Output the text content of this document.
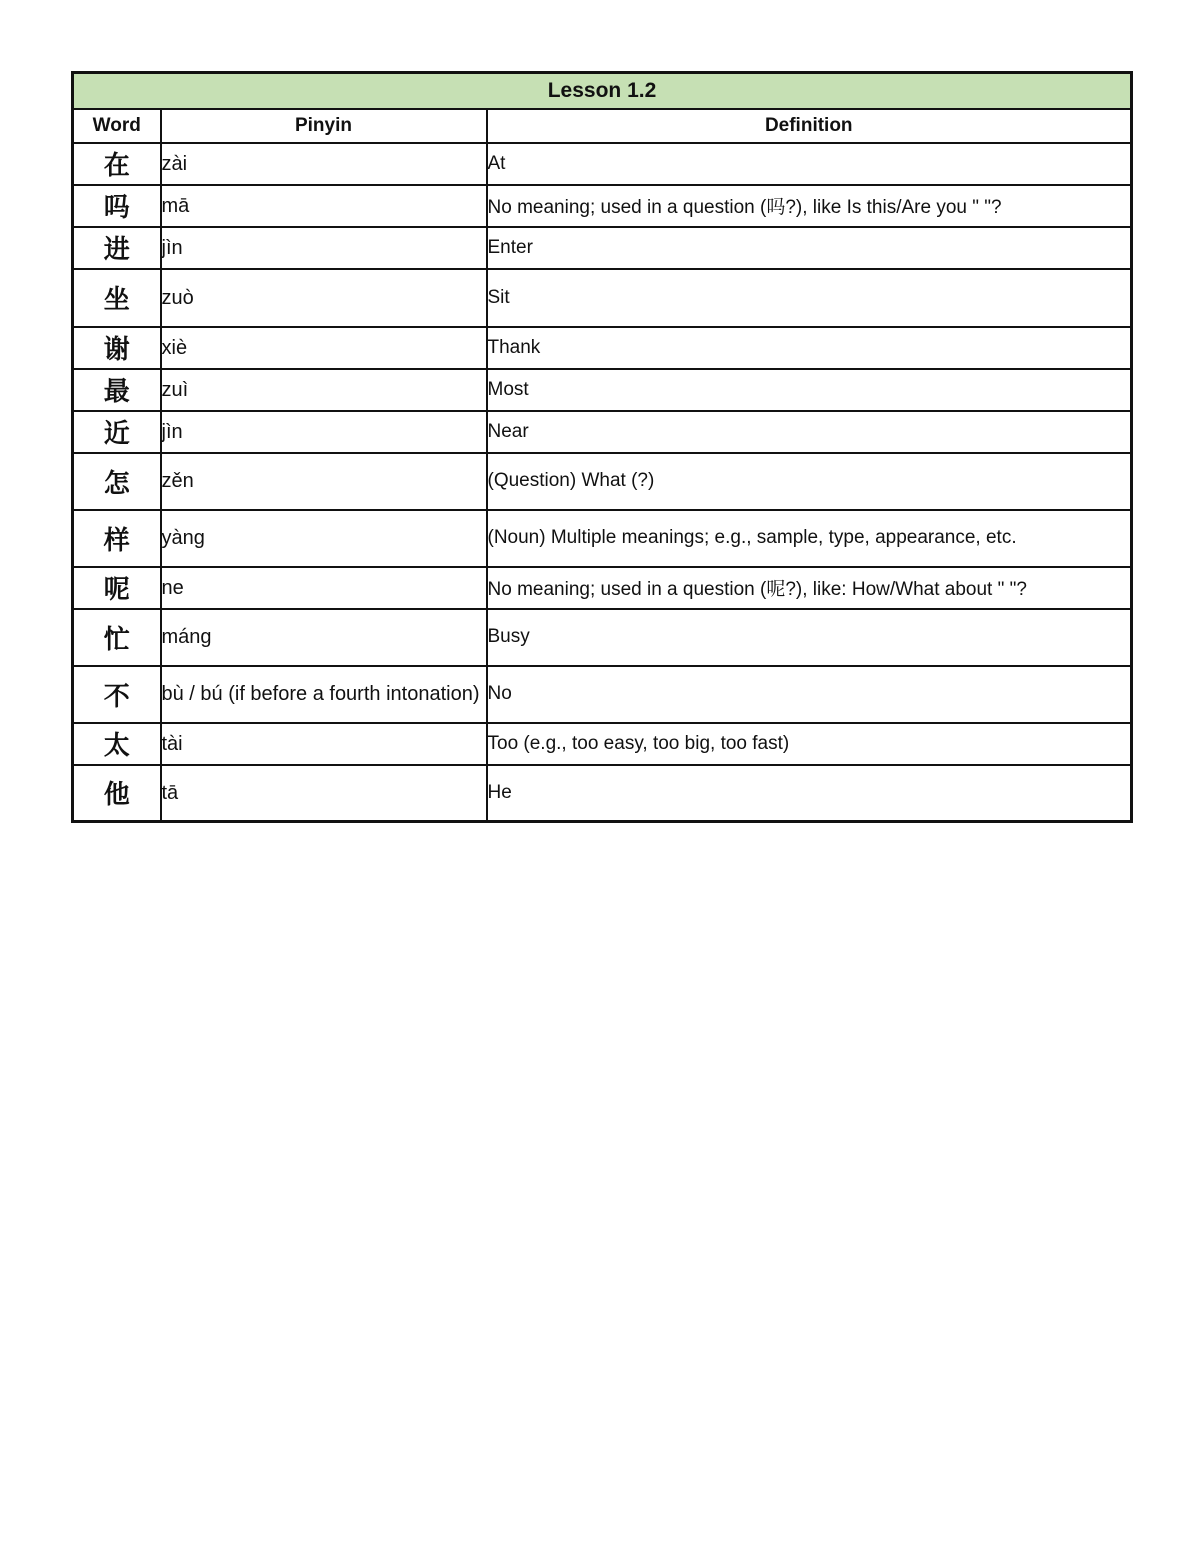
Lesson 1.2		
Word	Pinyin	Definition
在	zài	At
吗	mā	No meaning; used in a question (吗?), like Is this/Are you " "?
进	jìn	Enter
坐	zuò	Sit
谢	xiè	Thank
最	zuì	Most
近	jìn	Near
怎	zěn	(Question) What (?)
样	yàng	(Noun) Multiple meanings; e.g., sample, type, appearance, etc.
呢	ne	No meaning; used in a question (呢?), like: How/What about " "?
忙	máng	Busy
不	bù / bú (if before a fourth intonation)	No
太	tài	Too (e.g., too easy, too big, too fast)
他	tā	He
